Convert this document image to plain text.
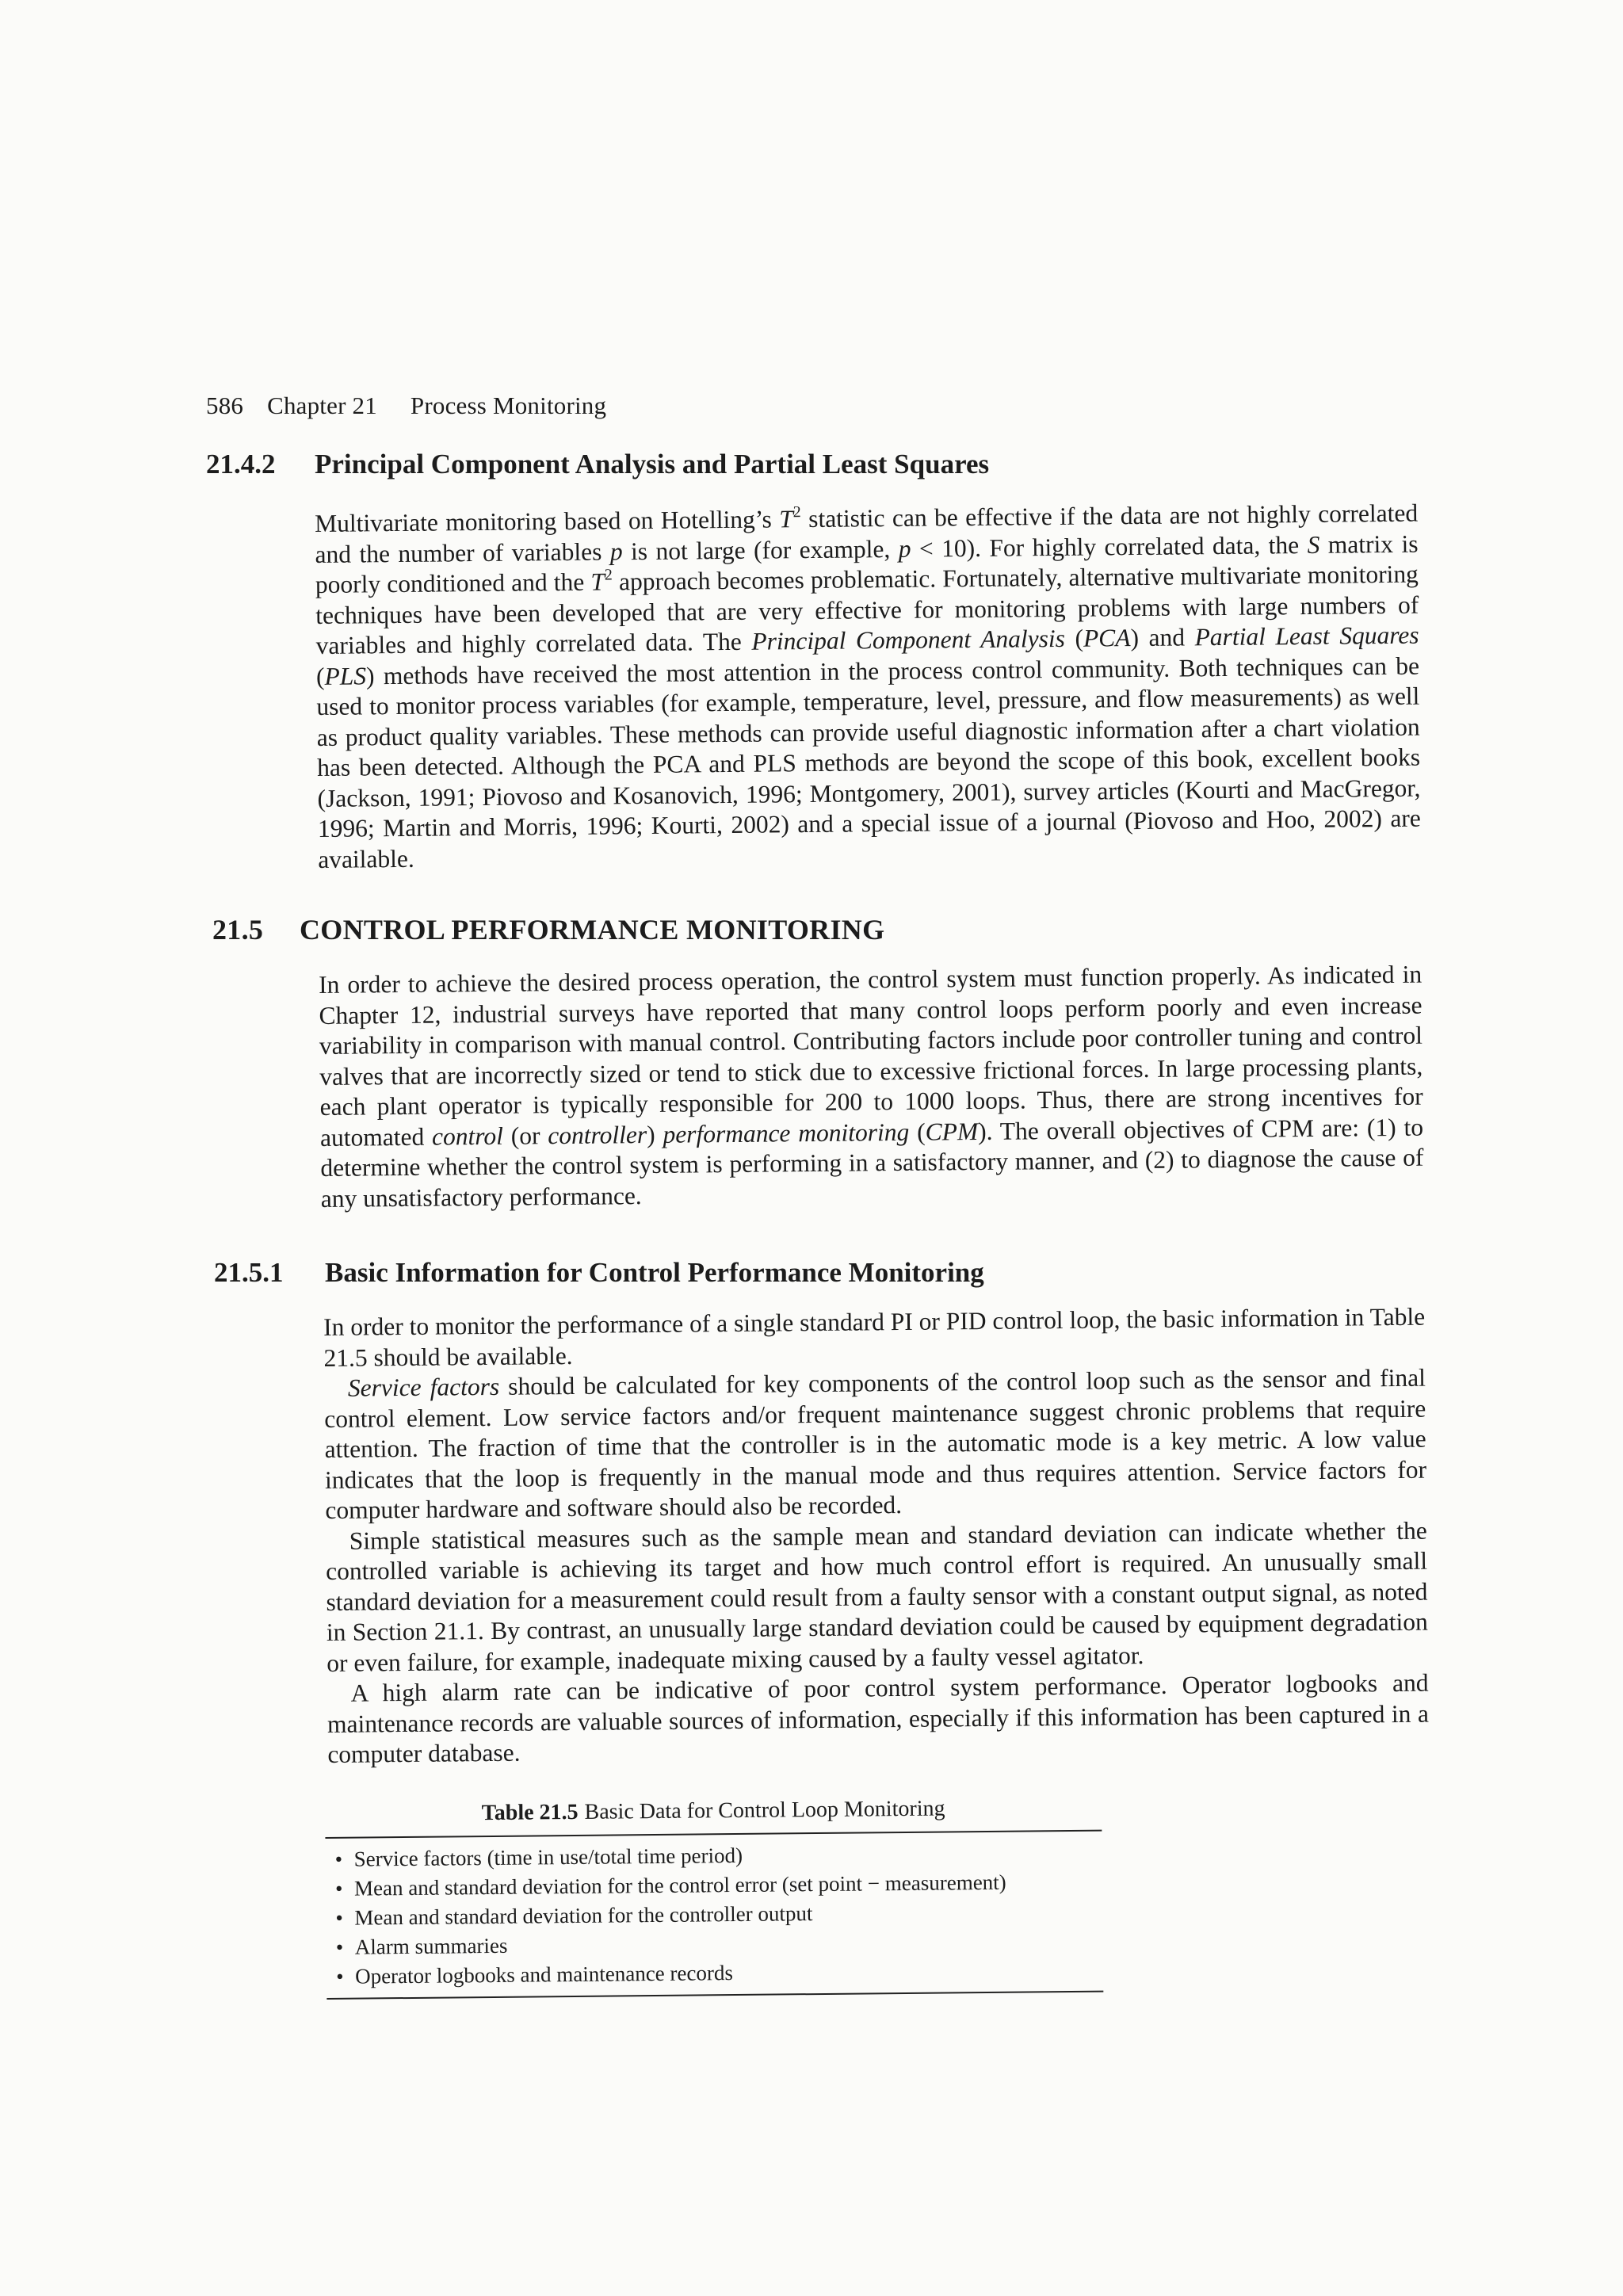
586 Chapter 21 Process Monitoring
21.4.2 Principal Component Analysis and Partial Least Squares

Multivariate monitoring based on Hotelling’s $T^2$ statistic can be effective if the data are not highly correlated and the number of variables p is not large (for example, p < 10). For highly correlated data, the S matrix is poorly conditioned and the $T^2$ approach becomes problematic. Fortunately, alternative multivariate monitoring techniques have been developed that are very effective for monitoring problems with large numbers of variables and highly correlated data. The Principal Component Analysis (PCA) and Partial Least Squares (PLS) methods have received the most attention in the process control community. Both techniques can be used to monitor process variables (for example, temperature, level, pressure, and flow measurements) as well as product quality variables. These methods can provide useful diagnostic information after a chart violation has been detected. Although the PCA and PLS methods are beyond the scope of this book, excellent books (Jackson, 1991; Piovoso and Kosanovich, 1996; Montgomery, 2001), survey articles (Kourti and MacGregor, 1996; Martin and Morris, 1996; Kourti, 2002) and a special issue of a journal (Piovoso and Hoo, 2002) are available.

21.5 CONTROL PERFORMANCE MONITORING

In order to achieve the desired process operation, the control system must function properly. As indicated in Chapter 12, industrial surveys have reported that many control loops perform poorly and even increase variability in comparison with manual control. Contributing factors include poor controller tuning and control valves that are incorrectly sized or tend to stick due to excessive frictional forces. In large processing plants, each plant operator is typically responsible for 200 to 1000 loops. Thus, there are strong incentives for automated control (or controller) performance monitoring (CPM). The overall objectives of CPM are: (1) to determine whether the control system is performing in a satisfactory manner, and (2) to diagnose the cause of any unsatisfactory performance.

21.5.1 Basic Information for Control Performance Monitoring

In order to monitor the performance of a single standard PI or PID control loop, the basic information in Table 21.5 should be available.

Service factors should be calculated for key components of the control loop such as the sensor and final control element. Low service factors and/or frequent maintenance suggest chronic problems that require attention. The fraction of time that the controller is in the automatic mode is a key metric. A low value indicates that the loop is frequently in the manual mode and thus requires attention. Service factors for computer hardware and software should also be recorded.

Simple statistical measures such as the sample mean and standard deviation can indicate whether the controlled variable is achieving its target and how much control effort is required. An unusually small standard deviation for a measurement could result from a faulty sensor with a constant output signal, as noted in Section 21.1. By contrast, an unusually large standard deviation could be caused by equipment degradation or even failure, for example, inadequate mixing caused by a faulty vessel agitator.

A high alarm rate can be indicative of poor control system performance. Operator logbooks and maintenance records are valuable sources of information, especially if this information has been captured in a computer database.

Table 21.5 Basic Data for Control Loop Monitoring
• Service factors (time in use/total time period)
• Mean and standard deviation for the control error (set point − measurement)
• Mean and standard deviation for the controller output
• Alarm summaries
• Operator logbooks and maintenance records
